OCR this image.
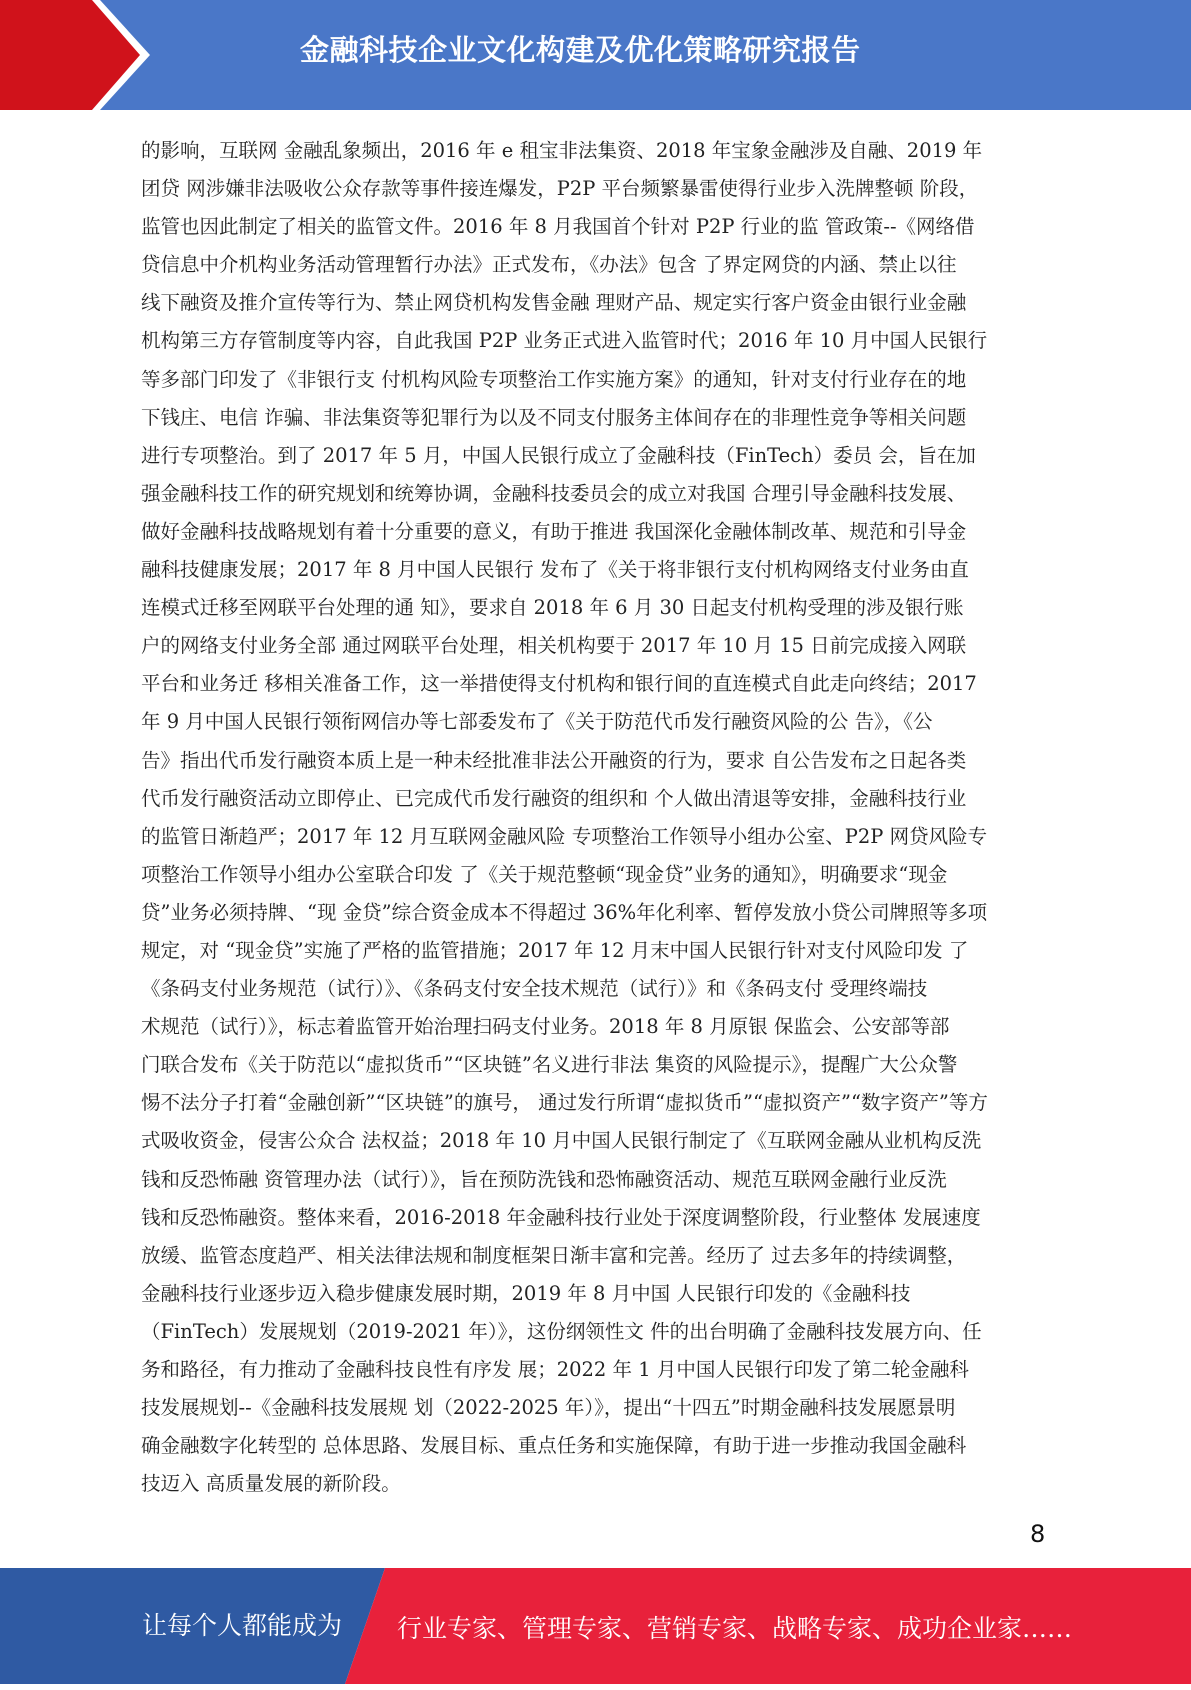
金融科技企业文化构建及优化策略研究报告
的影响，互联网 金融乱象频出，2016 年 e 租宝非法集资、2018 年宝象金融涉及自融、2019 年
团贷 网涉嫌非法吸收公众存款等事件接连爆发，P2P 平台频繁暴雷使得行业步入洗牌整顿 阶段，
监管也因此制定了相关的监管文件。2016 年 8 月我国首个针对 P2P 行业的监 管政策--《网络借
贷信息中介机构业务活动管理暂行办法》正式发布，《办法》包含 了界定网贷的内涵、禁止以往
线下融资及推介宣传等行为、禁止网贷机构发售金融 理财产品、规定实行客户资金由银行业金融
机构第三方存管制度等内容，自此我国 P2P 业务正式进入监管时代；2016 年 10 月中国人民银行
等多部门印发了《非银行支 付机构风险专项整治工作实施方案》的通知，针对支付行业存在的地
下钱庄、电信 诈骗、非法集资等犯罪行为以及不同支付服务主体间存在的非理性竞争等相关问题
进行专项整治。到了 2017 年 5 月，中国人民银行成立了金融科技（FinTech）委员 会，旨在加
强金融科技工作的研究规划和统筹协调，金融科技委员会的成立对我国 合理引导金融科技发展、
做好金融科技战略规划有着十分重要的意义，有助于推进 我国深化金融体制改革、规范和引导金
融科技健康发展；2017 年 8 月中国人民银行 发布了《关于将非银行支付机构网络支付业务由直
连模式迁移至网联平台处理的通 知》，要求自 2018 年 6 月 30 日起支付机构受理的涉及银行账
户的网络支付业务全部 通过网联平台处理，相关机构要于 2017 年 10 月 15 日前完成接入网联
平台和业务迁 移相关准备工作，这一举措使得支付机构和银行间的直连模式自此走向终结；2017
年 9 月中国人民银行领衔网信办等七部委发布了《关于防范代币发行融资风险的公 告》，《公
告》指出代币发行融资本质上是一种未经批准非法公开融资的行为，要求 自公告发布之日起各类
代币发行融资活动立即停止、已完成代币发行融资的组织和 个人做出清退等安排，金融科技行业
的监管日渐趋严；2017 年 12 月互联网金融风险 专项整治工作领导小组办公室、P2P 网贷风险专
项整治工作领导小组办公室联合印发 了《关于规范整顿“现金贷”业务的通知》，明确要求“现金
贷”业务必须持牌、“现 金贷”综合资金成本不得超过 36%年化利率、暂停发放小贷公司牌照等多项
规定，对 “现金贷”实施了严格的监管措施；2017 年 12 月末中国人民银行针对支付风险印发 了
《条码支付业务规范（试行）》、《条码支付安全技术规范（试行）》和《条码支付 受理终端技
术规范（试行）》，标志着监管开始治理扫码支付业务。2018 年 8 月原银 保监会、公安部等部
门联合发布《关于防范以“虚拟货币”“区块链”名义进行非法 集资的风险提示》，提醒广大公众警
惕不法分子打着“金融创新”“区块链”的旗号， 通过发行所谓“虚拟货币”“虚拟资产”“数字资产”等方
式吸收资金，侵害公众合 法权益；2018 年 10 月中国人民银行制定了《互联网金融从业机构反洗
钱和反恐怖融 资管理办法（试行）》，旨在预防洗钱和恐怖融资活动、规范互联网金融行业反洗
钱和反恐怖融资。整体来看，2016-2018 年金融科技行业处于深度调整阶段，行业整体 发展速度
放缓、监管态度趋严、相关法律法规和制度框架日渐丰富和完善。经历了 过去多年的持续调整，
金融科技行业逐步迈入稳步健康发展时期，2019 年 8 月中国 人民银行印发的《金融科技
（FinTech）发展规划（2019-2021 年）》，这份纲领性文 件的出台明确了金融科技发展方向、任
务和路径，有力推动了金融科技良性有序发 展；2022 年 1 月中国人民银行印发了第二轮金融科
技发展规划--《金融科技发展规 划（2022-2025 年）》，提出“十四五”时期金融科技发展愿景明
确金融数字化转型的 总体思路、发展目标、重点任务和实施保障，有助于进一步推动我国金融科
技迈入 高质量发展的新阶段。
8
让每个人都能成为 行业专家、管理专家、营销专家、战略专家、成功企业家……
